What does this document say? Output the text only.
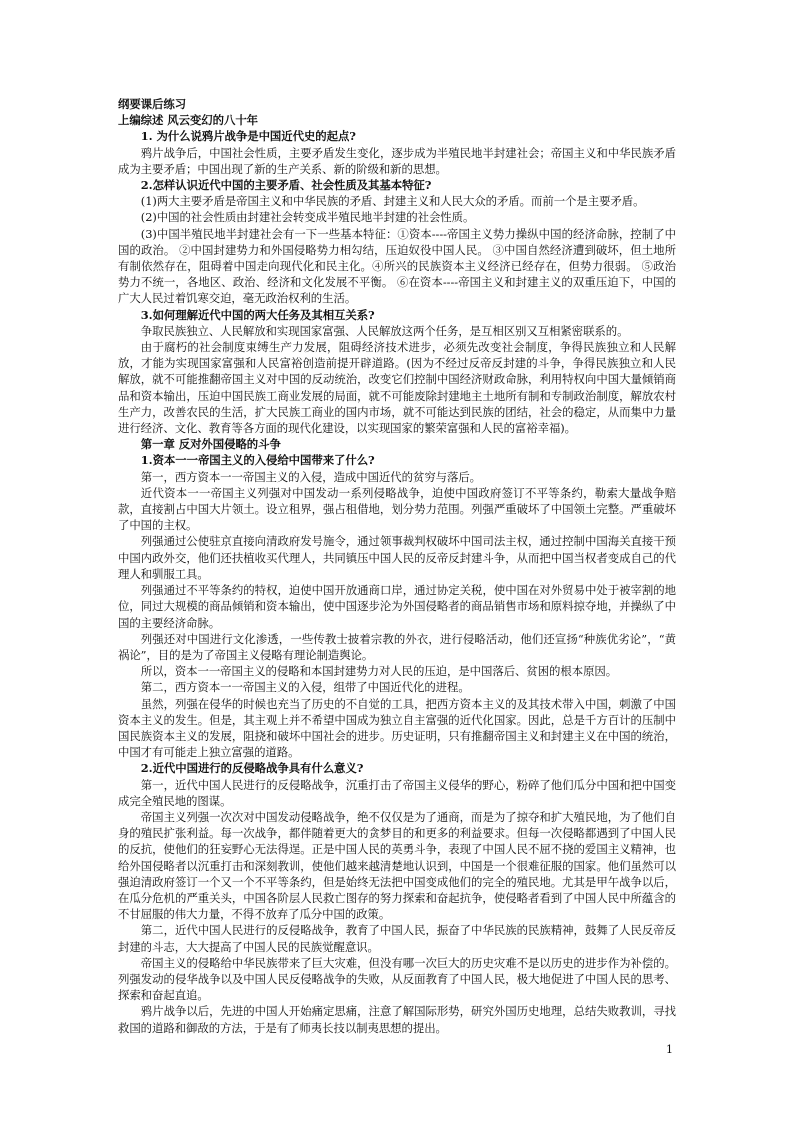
纲要课后练习
上编综述 风云变幻的八十年
1. 为什么说鸦片战争是中国近代史的起点?

鸦片战争后，中国社会性质，主要矛盾发生变化，逐步成为半殖民地半封建社会；帝国主义和中华民族矛盾成为主要矛盾；中国出现了新的生产关系、新的阶级和新的思想。

2.怎样认识近代中国的主要矛盾、社会性质及其基本特征?

(1)两大主要矛盾是帝国主义和中华民族的矛盾、封建主义和人民大众的矛盾。而前一个是主要矛盾。

(2)中国的社会性质由封建社会转变成半殖民地半封建的社会性质。

(3)中国半殖民地半封建社会有一下一些基本特征：①资本----帝国主义势力操纵中国的经济命脉，控制了中国的政治。 ②中国封建势力和外国侵略势力相勾结，压迫奴役中国人民。 ③中国自然经济遭到破坏，但土地所有制依然存在，阻碍着中国走向现代化和民主化。④所兴的民族资本主义经济已经存在，但势力很弱。 ⑤政治势力不统一，各地区、政治、经济和文化发展不平衡。 ⑥在资本----帝国主义和封建主义的双重压迫下，中国的广大人民过着饥寒交迫，毫无政治权利的生活。

3.如何理解近代中国的两大任务及其相互关系?

争取民族独立、人民解放和实现国家富强、人民解放这两个任务，是互相区别又互相紧密联系的。

由于腐朽的社会制度束缚生产力发展，阻碍经济技术进步，必须先改变社会制度，争得民族独立和人民解放，才能为实现国家富强和人民富裕创造前提开辟道路。(因为不经过反帝反封建的斗争，争得民族独立和人民解放，就不可能推翻帝国主义对中国的反动统治，改变它们控制中国经济财政命脉，利用特权向中国大量倾销商品和资本输出，压迫中国民族工商业发展的局面，就不可能废除封建地主土地所有制和专制政治制度，解放农村生产力，改善农民的生活，扩大民族工商业的国内市场，就不可能达到民族的团结，社会的稳定，从而集中力量进行经济、文化、教育等各方面的现代化建设，以实现国家的繁荣富强和人民的富裕幸福)。

第一章 反对外国侵略的斗争
1.资本一一帝国主义的入侵给中国带来了什么?

第一，西方资本一一帝国主义的入侵，造成中国近代的贫穷与落后。

近代资本一一帝国主义列强对中国发动一系列侵略战争，迫使中国政府签订不平等条约，勒索大量战争赔款，直接割占中国大片领土。设立租界，强占租借地，划分势力范围。列强严重破坏了中国领土完整。严重破坏了中国的主权。

列强通过公使驻京直接向清政府发号施令，通过领事裁判权破坏中国司法主权，通过控制中国海关直接干预中国内政外交，他们还扶植收买代理人，共同镇压中国人民的反帝反封建斗争，从而把中国当权者变成自己的代理人和驯服工具。

列强通过不平等条约的特权，迫使中国开放通商口岸，通过协定关税，使中国在对外贸易中处于被宰割的地位，同过大规模的商品倾销和资本输出，使中国逐步沦为外国侵略者的商品销售市场和原料掠夺地，并操纵了中国的主要经济命脉。

列强还对中国进行文化渗透，一些传教士披着宗教的外衣，进行侵略活动，他们还宣扬“种族优劣论”，“黄祸论”，目的是为了帝国主义侵略有理论制造舆论。

所以，资本一一帝国主义的侵略和本国封建势力对人民的压迫，是中国落后、贫困的根本原因。

第二，西方资本一一帝国主义的入侵，组带了中国近代化的进程。

虽然，列强在侵华的时候也充当了历史的不自觉的工具，把西方资本主义的及其技术带入中国，刺激了中国资本主义的发生。但是，其主观上并不希望中国成为独立自主富强的近代化国家。因此，总是千方百计的压制中国民族资本主义的发展，阻挠和破坏中国社会的进步。历史证明，只有推翻帝国主义和封建主义在中国的统治，中国才有可能走上独立富强的道路。

2.近代中国进行的反侵略战争具有什么意义?

第一，近代中国人民进行的反侵略战争，沉重打击了帝国主义侵华的野心，粉碎了他们瓜分中国和把中国变成完全殖民地的图谋。

帝国主义列强一次次对中国发动侵略战争，绝不仅仅是为了通商，而是为了掠夺和扩大殖民地，为了他们自身的殖民扩张利益。每一次战争，都伴随着更大的贪梦目的和更多的利益要求。但每一次侵略都遇到了中国人民的反抗，使他们的狂妄野心无法得逞。正是中国人民的英勇斗争，表现了中国人民不屈不挠的爱国主义精神，也给外国侵略者以沉重打击和深刻教训，使他们越来越清楚地认识到，中国是一个很难征服的国家。他们虽然可以强迫清政府签订一个又一个不平等条约，但是始终无法把中国变成他们的完全的殖民地。尤其是甲午战争以后，在瓜分危机的严重关头，中国各阶层人民救亡图存的努力探索和奋起抗争，使侵略者看到了中国人民中所蕴含的不甘屈服的伟大力量，不得不放弃了瓜分中国的政策。

第二，近代中国人民进行的反侵略战争，教育了中国人民，振奋了中华民族的民族精神，鼓舞了人民反帝反封建的斗志，大大提高了中国人民的民族觉醒意识。

帝国主义的侵略给中华民族带来了巨大灾难，但没有哪一次巨大的历史灾难不是以历史的进步作为补偿的。列强发动的侵华战争以及中国人民反侵略战争的失败，从反面教育了中国人民，极大地促进了中国人民的思考、探索和奋起直追。

鸦片战争以后，先进的中国人开始痛定思痛，注意了解国际形势，研究外国历史地理，总结失败教训，寻找救国的道路和御敌的方法，于是有了师夷长技以制夷思想的提出。

1
